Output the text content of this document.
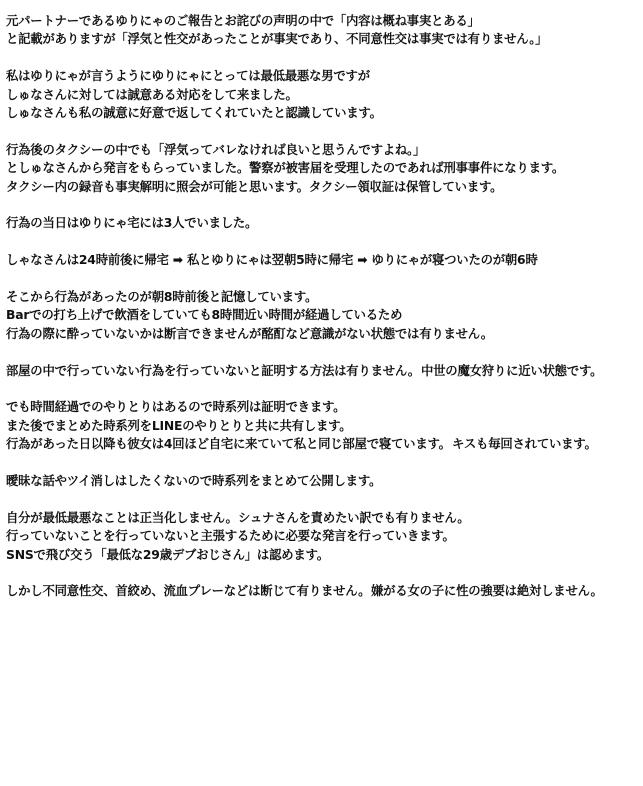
元パートナーであるゆりにゃのご報告とお詫びの声明の中で「内容は概ね事実とある」と記載がありますが「浮気と性交があったことが事実であり、不同意性交は事実では有りません。」
私はゆりにゃが言うようにゆりにゃにとっては最低最悪な男ですがしゅなさんに対しては誠意ある対応をして来ました。しゅなさんも私の誠意に好意で返してくれていたと認識しています。
行為後のタクシーの中でも「浮気ってバレなければ良いと思うんですよね。」としゅなさんから発言をもらっていました。警察が被害届を受理したのであれば刑事事件になります。タクシー内の録音も事実解明に照会が可能と思います。タクシー領収証は保管しています。
行為の当日はゆりにゃ宅には3人でいました。
しゃなさんは24時前後に帰宅 ➡ 私とゆりにゃは翌朝5時に帰宅 ➡ ゆりにゃが寝ついたのが朝6時
そこから行為があったのが朝8時前後と記憶しています。Barでの打ち上げで飲酒をしていても8時間近い時間が経過しているため行為の際に酔っていないかは断言できませんが酩酊など意識がない状態では有りません。
部屋の中で行っていない行為を行っていないと証明する方法は有りません。中世の魔女狩りに近い状態です。
でも時間経過でのやりとりはあるので時系列は証明できます。また後でまとめた時系列をLINEのやりとりと共に共有します。行為があった日以降も彼女は4回ほど自宅に来ていて私と同じ部屋で寝ています。キスも毎回されています。
曖昧な話やツイ消しはしたくないので時系列をまとめて公開します。
自分が最低最悪なことは正当化しません。シュナさんを責めたい訳でも有りません。行っていないことを行っていないと主張するために必要な発言を行っていきます。SNSで飛び交う「最低な29歳デブおじさん」は認めます。
しかし不同意性交、首絞め、流血プレーなどは断じて有りません。嫌がる女の子に性の強要は絶対しません。
